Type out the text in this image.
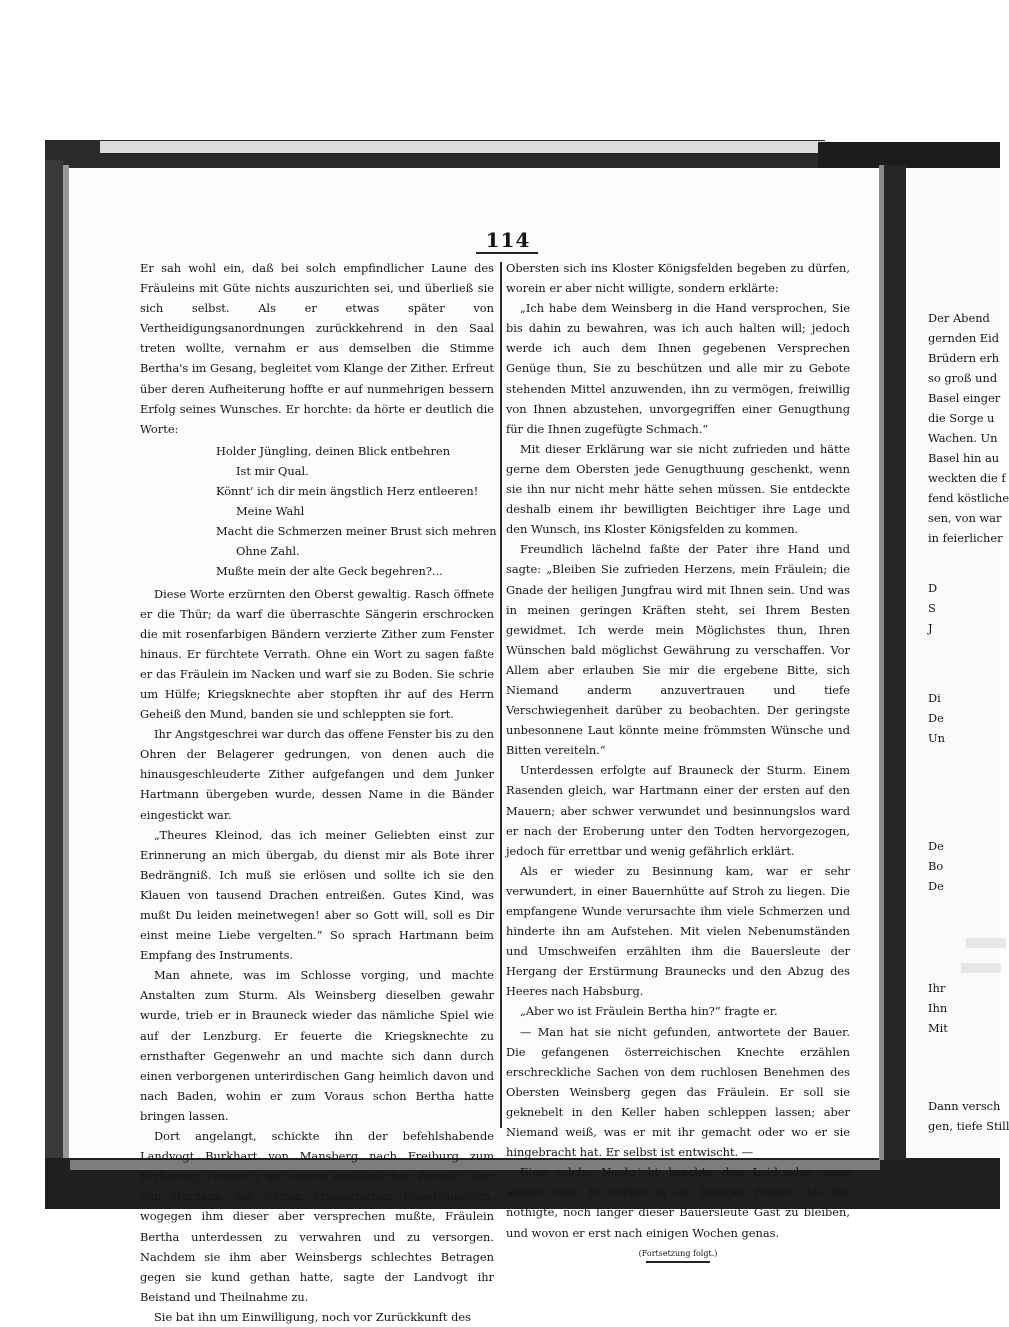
114

Er sah wohl ein, daß bei solch empfindlicher Laune des Fräuleins mit Güte nichts auszurichten sei, und überließ sie sich selbst. Als er etwas später von Vertheidigungsanordnungen zurückkehrend in den Saal treten wollte, vernahm er aus demselben die Stimme Bertha's im Gesang, begleitet vom Klange der Zither. Erfreut über deren Aufheiterung hoffte er auf nunmehrigen bessern Erfolg seines Wunsches. Er horchte: da hörte er deutlich die Worte:

Holder Jüngling, deinen Blick entbehren
Ist mir Qual.
Könnt' ich dir mein ängstlich Herz entleeren!
Meine Wahl
Macht die Schmerzen meiner Brust sich mehren
Ohne Zahl.
Mußte mein der alte Geck begehren?...

Diese Worte erzürnten den Oberst gewaltig. Rasch öffnete er die Thür; da warf die überraschte Sängerin erschrocken die mit rosenfarbigen Bändern verzierte Zither zum Fenster hinaus. Er fürchtete Verrath. Ohne ein Wort zu sagen faßte er das Fräulein im Nacken und warf sie zu Boden. Sie schrie um Hülfe; Kriegsknechte aber stopften ihr auf des Herrn Geheiß den Mund, banden sie und schleppten sie fort.

Ihr Angstgeschrei war durch das offene Fenster bis zu den Ohren der Belagerer gedrungen, von denen auch die hinausgeschleuderte Zither aufgefangen und dem Junker Hartmann übergeben wurde, dessen Name in die Bänder eingestickt war.

„Theures Kleinod, das ich meiner Geliebten einst zur Erinnerung an mich übergab, du dienst mir als Bote ihrer Bedrängniß. Ich muß sie erlösen und sollte ich sie den Klauen von tausend Drachen entreißen. Gutes Kind, was mußt Du leiden meinetwegen! aber so Gott will, soll es Dir einst meine Liebe vergelten.“ So sprach Hartmann beim Empfang des Instruments.

Man ahnete, was im Schlosse vorging, und machte Anstalten zum Sturm. Als Weinsberg dieselben gewahr wurde, trieb er in Brauneck wieder das nämliche Spiel wie auf der Lenzburg. Er feuerte die Kriegsknechte zu ernsthafter Gegenwehr an und machte sich dann durch einen verborgenen unterirdischen Gang heimlich davon und nach Baden, wohin er zum Voraus schon Bertha hatte bringen lassen.

Dort angelangt, schickte ihn der befehlshabende Landvogt Burkhart von Mansberg nach Freiburg zum Erzherzog Friedrich mit einem ausführlichen Bericht über den Hergang der letzten kriegerischen Begebenheiten, wogegen ihm dieser aber versprechen mußte, Fräulein Bertha unterdessen zu verwahren und zu versorgen. Nachdem sie ihm aber Weinsbergs schlechtes Betragen gegen sie kund gethan hatte, sagte der Landvogt ihr Beistand und Theilnahme zu.

Sie bat ihn um Einwilligung, noch vor Zurückkunft des

Obersten sich ins Kloster Königsfelden begeben zu dürfen, worein er aber nicht willigte, sondern erklärte:

„Ich habe dem Weinsberg in die Hand versprochen, Sie bis dahin zu bewahren, was ich auch halten will; jedoch werde ich auch dem Ihnen gegebenen Versprechen Genüge thun, Sie zu beschützen und alle mir zu Gebote stehenden Mittel anzuwenden, ihn zu vermögen, freiwillig von Ihnen abzustehen, unvorgegriffen einer Genugthung für die Ihnen zugefügte Schmach.“

Mit dieser Erklärung war sie nicht zufrieden und hätte gerne dem Obersten jede Genugthuung geschenkt, wenn sie ihn nur nicht mehr hätte sehen müssen. Sie entdeckte deshalb einem ihr bewilligten Beichtiger ihre Lage und den Wunsch, ins Kloster Königsfelden zu kommen.

Freundlich lächelnd faßte der Pater ihre Hand und sagte: „Bleiben Sie zufrieden Herzens, mein Fräulein; die Gnade der heiligen Jungfrau wird mit Ihnen sein. Und was in meinen geringen Kräften steht, sei Ihrem Besten gewidmet. Ich werde mein Möglichstes thun, Ihren Wünschen bald möglichst Gewährung zu verschaffen. Vor Allem aber erlauben Sie mir die ergebene Bitte, sich Niemand anderm anzuvertrauen und tiefe Verschwiegenheit darüber zu beobachten. Der geringste unbesonnene Laut könnte meine frömmsten Wünsche und Bitten vereiteln.“

Unterdessen erfolgte auf Brauneck der Sturm. Einem Rasenden gleich, war Hartmann einer der ersten auf den Mauern; aber schwer verwundet und besinnungslos ward er nach der Eroberung unter den Todten hervorgezogen, jedoch für errettbar und wenig gefährlich erklärt.

Als er wieder zu Besinnung kam, war er sehr verwundert, in einer Bauernhütte auf Stroh zu liegen. Die empfangene Wunde verursachte ihm viele Schmerzen und hinderte ihn am Aufstehen. Mit vielen Nebenumständen und Umschweifen erzählten ihm die Bauersleute der Hergang der Erstürmung Braunecks und den Abzug des Heeres nach Habsburg.

„Aber wo ist Fräulein Bertha hin?“ fragte er.

— Man hat sie nicht gefunden, antwortete der Bauer. Die gefangenen österreichischen Knechte erzählen erschreckliche Sachen von dem ruchlosen Benehmen des Obersten Weinsberg gegen das Fräulein. Er soll sie geknebelt in den Keller haben schleppen lassen; aber Niemand weiß, was er mit ihr gemacht oder wo er sie hingebracht hat. Er selbst ist entwischt. —

Eine solche Nachricht brachte den Leidenden ganz ausser sich. Er verfiel in ein hitziges Fieber, das ihn nöthigte, noch länger dieser Bauersleute Gast zu bleiben, und wovon er erst nach einigen Wochen genas.

(Fortsetzung folgt.)
Der Abend
gernden Eid
Brüdern erh
so groß und
Basel einger
die Sorge u
Wachen. Un
Basel hin au
weckten die f
fend köstliche
sen, von war
in feierlicher
D
S
J
Di
De
Un
De
Bo
De
Ihr
Ihn
Mit
Dann versch
gen, tiefe Still
